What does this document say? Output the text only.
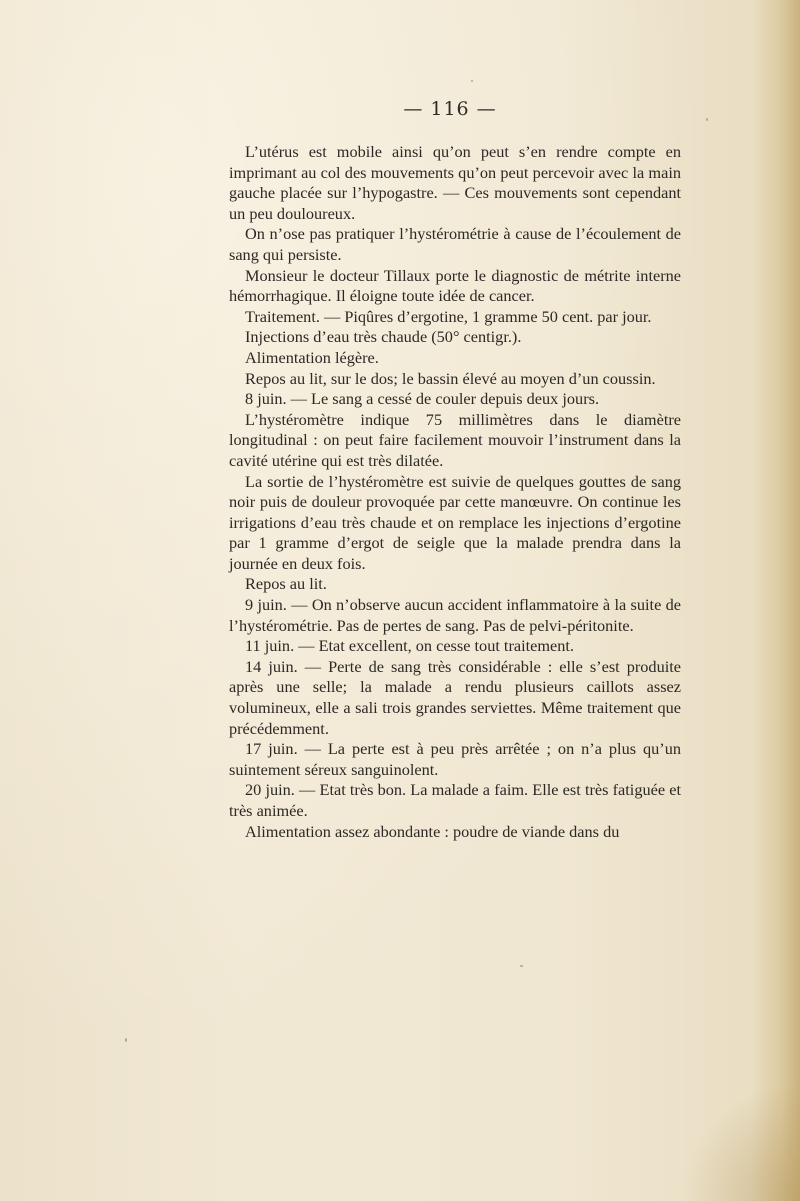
— 116 —

L’utérus est mobile ainsi qu’on peut s’en rendre compte en imprimant au col des mouvements qu’on peut percevoir avec la main gauche placée sur l’hypogastre. — Ces mouvements sont cependant un peu douloureux.

On n’ose pas pratiquer l’hystérométrie à cause de l’écoulement de sang qui persiste.

Monsieur le docteur Tillaux porte le diagnostic de métrite interne hémorrhagique. Il éloigne toute idée de cancer.

Traitement. — Piqûres d’ergotine, 1 gramme 50 cent. par jour.

Injections d’eau très chaude (50° centigr.).

Alimentation légère.

Repos au lit, sur le dos; le bassin élevé au moyen d’un coussin.

8 juin. — Le sang a cessé de couler depuis deux jours.

L’hystéromètre indique 75 millimètres dans le diamètre longitudinal : on peut faire facilement mouvoir l’instrument dans la cavité utérine qui est très dilatée.

La sortie de l’hystéromètre est suivie de quelques gouttes de sang noir puis de douleur provoquée par cette manœuvre. On continue les irrigations d’eau très chaude et on remplace les injections d’ergotine par 1 gramme d’ergot de seigle que la malade prendra dans la journée en deux fois.

Repos au lit.

9 juin. — On n’observe aucun accident inflammatoire à la suite de l’hystérométrie. Pas de pertes de sang. Pas de pelvi-péritonite.

11 juin. — Etat excellent, on cesse tout traitement.

14 juin. — Perte de sang très considérable : elle s’est produite après une selle; la malade a rendu plusieurs caillots assez volumineux, elle a sali trois grandes serviettes. Même traitement que précédemment.

17 juin. — La perte est à peu près arrêtée ; on n’a plus qu’un suintement séreux sanguinolent.

20 juin. — Etat très bon. La malade a faim. Elle est très fatiguée et très animée.

Alimentation assez abondante : poudre de viande dans du
